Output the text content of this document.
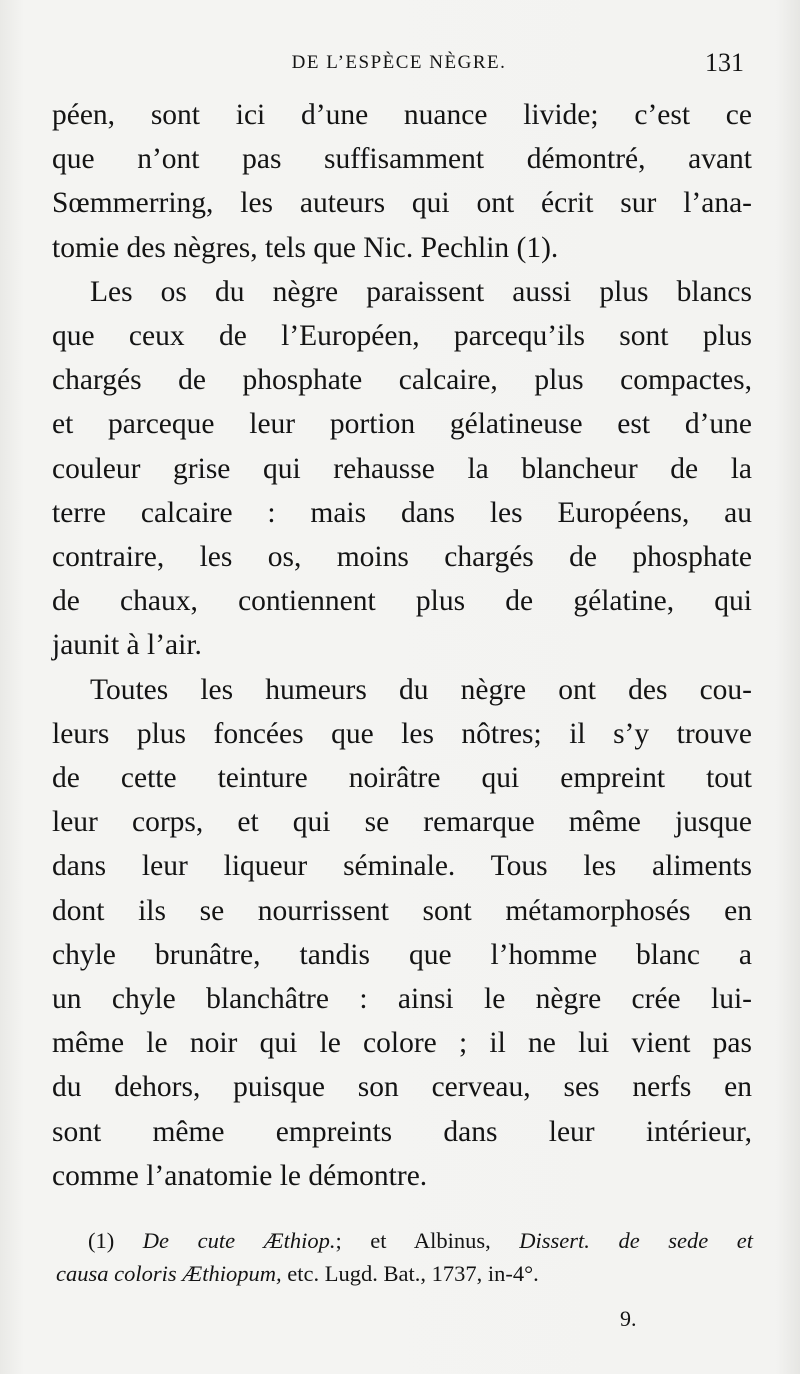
DE L’ESPÈCE NÈGRE.	131
péen, sont ici d’une nuance livide; c’est ce
que n’ont pas suffisamment démontré, avant
Sœmmerring, les auteurs qui ont écrit sur l’ana-
tomie des nègres, tels que Nic. Pechlin (1).
Les os du nègre paraissent aussi plus blancs
que ceux de l’Européen, parcequ’ils sont plus
chargés de phosphate calcaire, plus compactes,
et parceque leur portion gélatineuse est d’une
couleur grise qui rehausse la blancheur de la
terre calcaire : mais dans les Européens, au
contraire, les os, moins chargés de phosphate
de chaux, contiennent plus de gélatine, qui
jaunit à l’air.
Toutes les humeurs du nègre ont des cou-
leurs plus foncées que les nôtres; il s’y trouve
de cette teinture noirâtre qui empreint tout
leur corps, et qui se remarque même jusque
dans leur liqueur séminale. Tous les aliments
dont ils se nourrissent sont métamorphosés en
chyle brunâtre, tandis que l’homme blanc a
un chyle blanchâtre : ainsi le nègre crée lui-
même le noir qui le colore ; il ne lui vient pas
du dehors, puisque son cerveau, ses nerfs en
sont même empreints dans leur intérieur,
comme l’anatomie le démontre.
(1) De cute Æthiop.; et Albinus, Dissert. de sede et
causa coloris Æthiopum, etc. Lugd. Bat., 1737, in-4°.
9.
